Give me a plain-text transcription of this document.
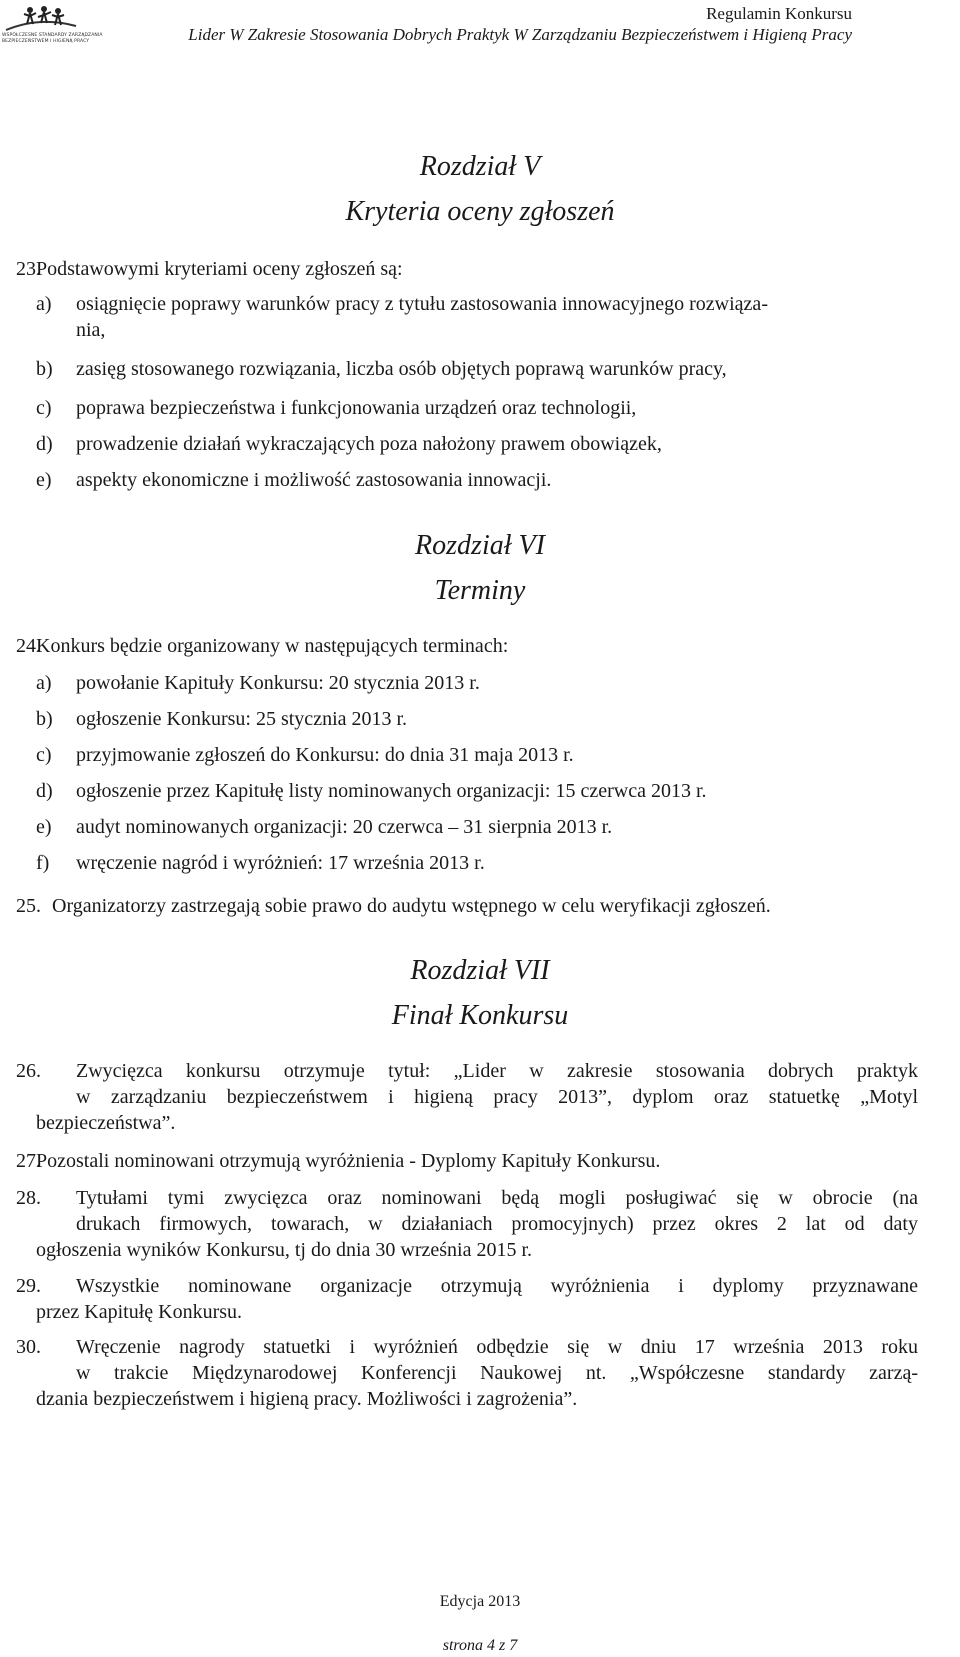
WSPÓŁCZESNE STANDARDY ZARZĄDZANIA
BEZPIECZEŃSTWEM I HIGIENĄ PRACY
Regulamin Konkursu
Lider W Zakresie Stosowania Dobrych Praktyk W Zarządzaniu Bezpieczeństwem i Higieną Pracy
Rozdział V
Kryteria oceny zgłoszeń
23.
Podstawowymi kryteriami oceny zgłoszeń są:
a) osiągnięcie poprawy warunków pracy z tytułu zastosowania innowacyjnego rozwiąza-
nia,
b) zasięg stosowanego rozwiązania, liczba osób objętych poprawą warunków pracy,
c) poprawa bezpieczeństwa i funkcjonowania urządzeń oraz technologii,
d) prowadzenie działań wykraczających poza nałożony prawem obowiązek,
e) aspekty ekonomiczne i możliwość zastosowania innowacji.
Rozdział VI
Terminy
24.
Konkurs będzie organizowany w następujących terminach:
a) powołanie Kapituły Konkursu: 20 stycznia 2013 r.
b) ogłoszenie Konkursu: 25 stycznia 2013 r.
c) przyjmowanie zgłoszeń do Konkursu: do dnia 31 maja 2013 r.
d) ogłoszenie przez Kapitułę listy nominowanych organizacji: 15 czerwca 2013 r.
e) audyt nominowanych organizacji: 20 czerwca – 31 sierpnia 2013 r.
f) wręczenie nagród i wyróżnień: 17 września 2013 r.
25. Organizatorzy zastrzegają sobie prawo do audytu wstępnego w celu weryfikacji zgłoszeń.
Rozdział VII
Finał Konkursu
26. Zwycięzca konkursu otrzymuje tytuł: „Lider w zakresie stosowania dobrych praktyk
w zarządzaniu bezpieczeństwem i higieną pracy 2013”, dyplom oraz statuetkę „Motyl
bezpieczeństwa”.
27.
Pozostali nominowani otrzymują wyróżnienia - Dyplomy Kapituły Konkursu.
28. Tytułami tymi zwycięzca oraz nominowani będą mogli posługiwać się w obrocie (na
drukach firmowych, towarach, w działaniach promocyjnych) przez okres 2 lat od daty
ogłoszenia wyników Konkursu, tj do dnia 30 września 2015 r.
29. Wszystkie nominowane organizacje otrzymują wyróżnienia i dyplomy przyznawane
przez Kapitułę Konkursu.
30. Wręczenie nagrody statuetki i wyróżnień odbędzie się w dniu 17 września 2013 roku
w trakcie Międzynarodowej Konferencji Naukowej nt. „Współczesne standardy zarzą-
dzania bezpieczeństwem i higieną pracy. Możliwości i zagrożenia”.
Edycja 2013
strona 4 z 7
